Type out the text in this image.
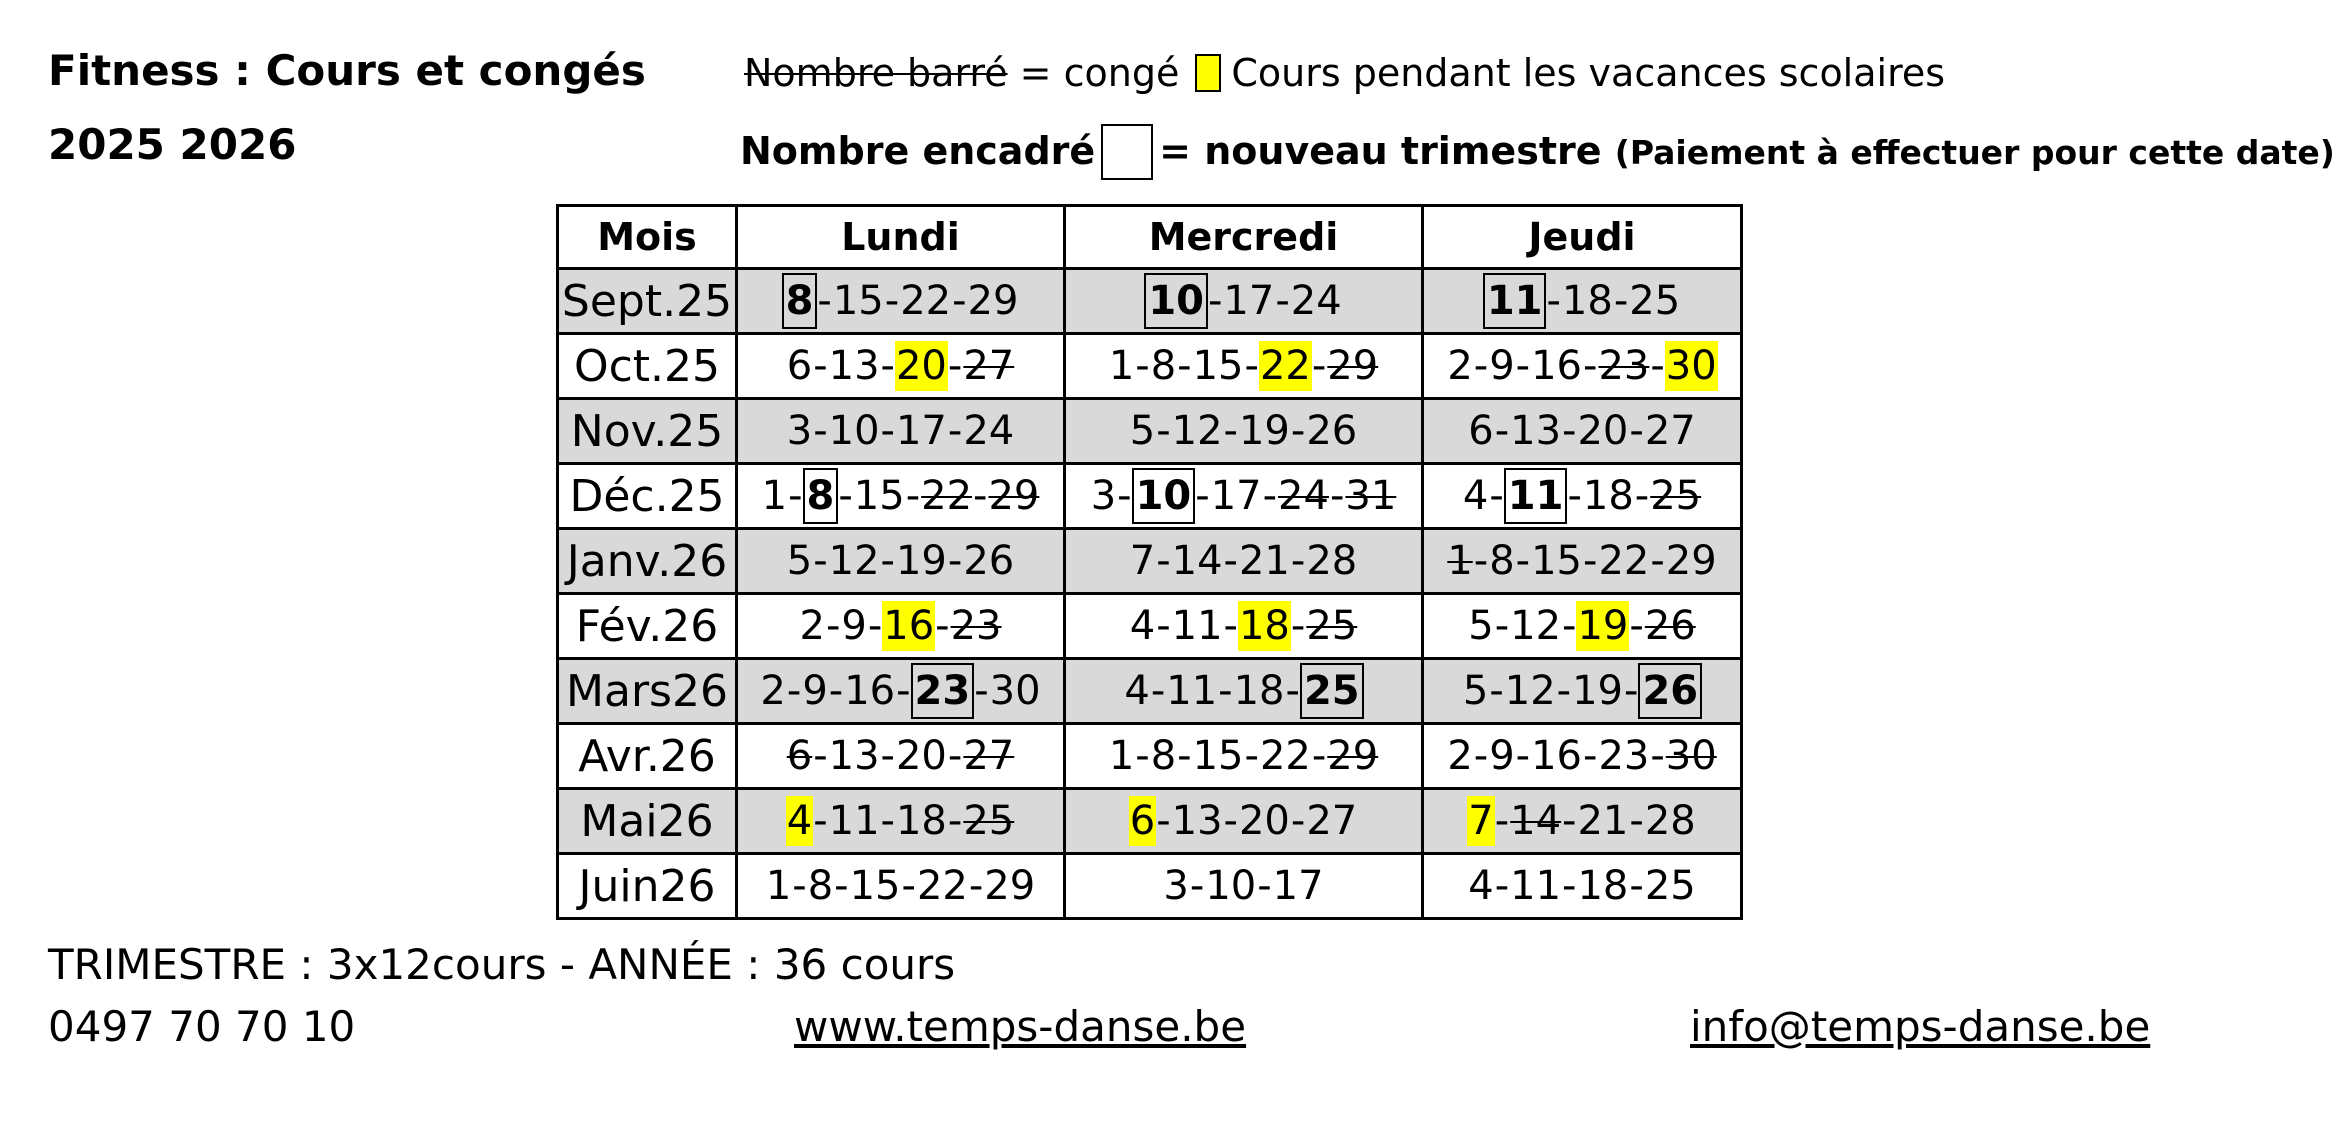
Fitness : Cours et congés
2025 2026
Nombre barré = congé Cours pendant les vacances scolaires
Nombre encadré = nouveau trimestre (Paiement à effectuer pour cette date)
Mois	Lundi	Mercredi	Jeudi
Sept.25	8 -15-22-29	10 -17-24	11 -18-25
Oct.25	6-13-20-27	1-8-15-22-29	2-9-16-23-30
Nov.25	3-10-17-24	5-12-19-26	6-13-20-27
Déc.25	1- 8 -15-22-29	3- 10 -17-24-31	4- 11 -18-25
Janv.26	5-12-19-26	7-14-21-28	1-8-15-22-29
Fév.26	2-9-16-23	4-11-18-25	5-12-19-26
Mars26	2-9-16- 23 -30	4-11-18- 25	5-12-19- 26
Avr.26	6-13-20-27	1-8-15-22-29	2-9-16-23-30
Mai26	4-11-18-25	6-13-20-27	7-14-21-28
Juin26	1-8-15-22-29	3-10-17	4-11-18-25
TRIMESTRE : 3x12cours - ANNÉE : 36 cours
0497 70 70 10	www.temps-danse.be	info@temps-danse.be
